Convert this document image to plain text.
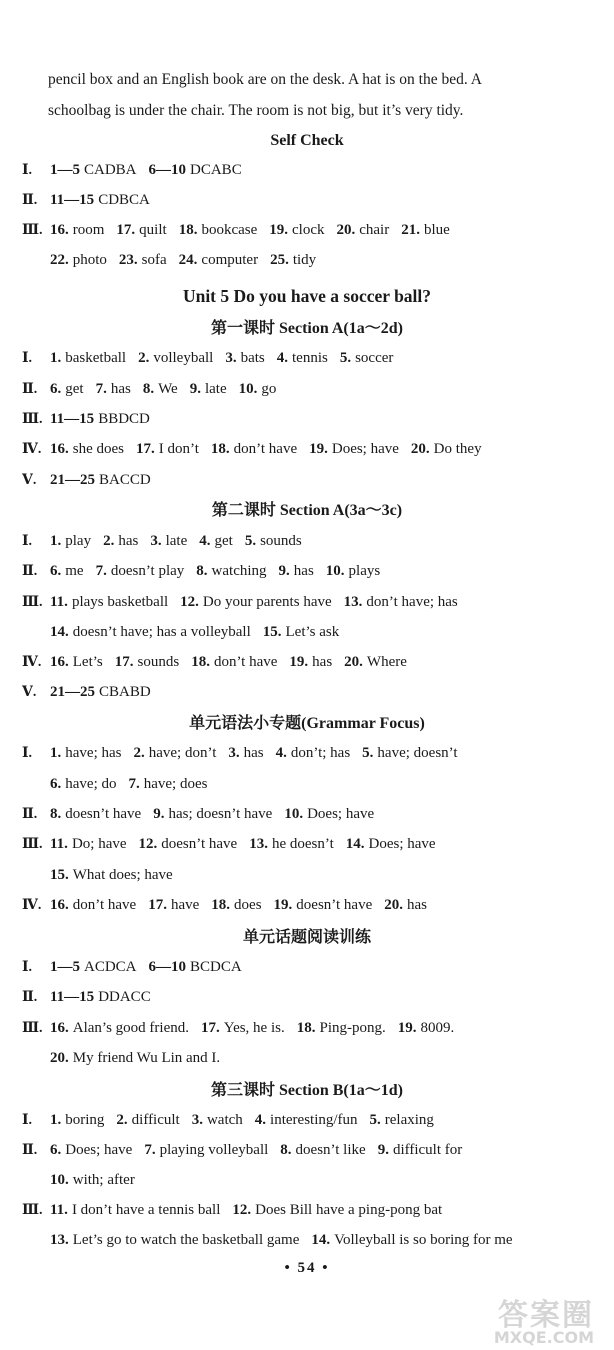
pencil box and an English book are on the desk. A hat is on the bed. A
schoolbag is under the chair. The room is not big, but it’s very tidy.
Self Check
Ⅰ. 1—5 CADBA 6—10 DCABC
Ⅱ. 11—15 CDBCA
Ⅲ. 16. room 17. quilt 18. bookcase 19. clock 20. chair 21. blue
22. photo 23. sofa 24. computer 25. tidy
Unit 5 Do you have a soccer ball?
第一课时 Section A(1a～2d)
Ⅰ. 1. basketball 2. volleyball 3. bats 4. tennis 5. soccer
Ⅱ. 6. get 7. has 8. We 9. late 10. go
Ⅲ. 11—15 BBDCD
Ⅳ. 16. she does 17. I don’t 18. don’t have 19. Does; have 20. Do they
Ⅴ. 21—25 BACCD
第二课时 Section A(3a～3c)
Ⅰ. 1. play 2. has 3. late 4. get 5. sounds
Ⅱ. 6. me 7. doesn’t play 8. watching 9. has 10. plays
Ⅲ. 11. plays basketball 12. Do your parents have 13. don’t have; has
14. doesn’t have; has a volleyball 15. Let’s ask
Ⅳ. 16. Let’s 17. sounds 18. don’t have 19. has 20. Where
Ⅴ. 21—25 CBABD
单元语法小专题(Grammar Focus)
Ⅰ. 1. have; has 2. have; don’t 3. has 4. don’t; has 5. have; doesn’t
6. have; do 7. have; does
Ⅱ. 8. doesn’t have 9. has; doesn’t have 10. Does; have
Ⅲ. 11. Do; have 12. doesn’t have 13. he doesn’t 14. Does; have
15. What does; have
Ⅳ. 16. don’t have 17. have 18. does 19. doesn’t have 20. has
单元话题阅读训练
Ⅰ. 1—5 ACDCA 6—10 BCDCA
Ⅱ. 11—15 DDACC
Ⅲ. 16. Alan’s good friend. 17. Yes, he is. 18. Ping-pong. 19. 8009.
20. My friend Wu Lin and I.
第三课时 Section B(1a～1d)
Ⅰ. 1. boring 2. difficult 3. watch 4. interesting/fun 5. relaxing
Ⅱ. 6. Does; have 7. playing volleyball 8. doesn’t like 9. difficult for
10. with; after
Ⅲ. 11. I don’t have a tennis ball 12. Does Bill have a ping-pong bat
13. Let’s go to watch the basketball game 14. Volleyball is so boring for me
• 54 •
答案圈
MXQE.COM
